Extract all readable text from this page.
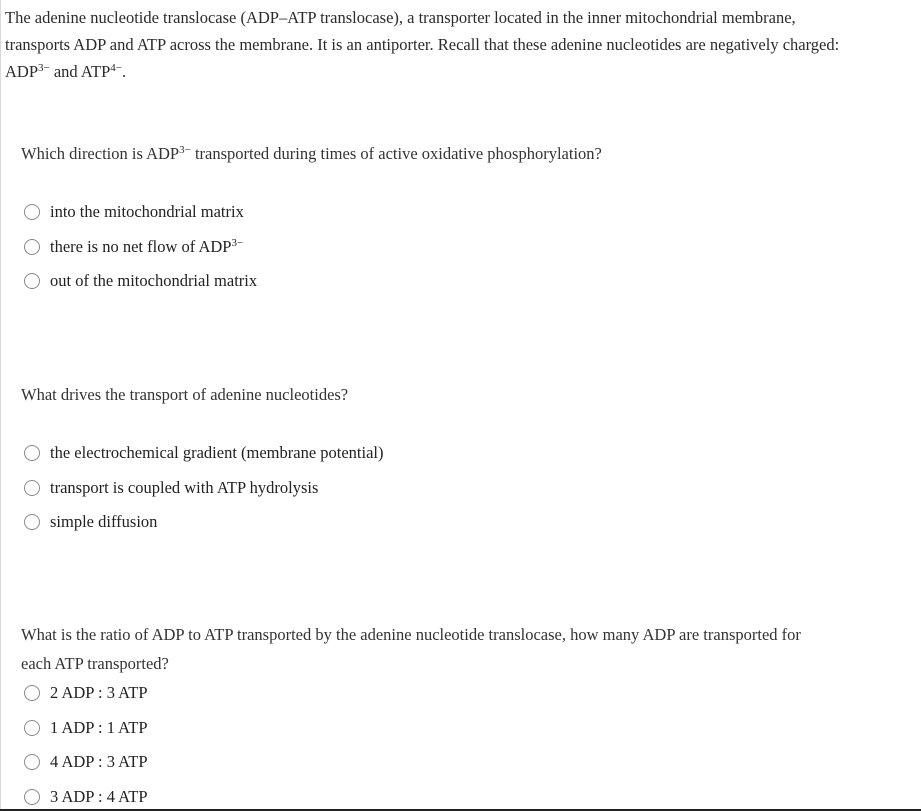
The adenine nucleotide translocase (ADP–ATP translocase), a transporter located in the inner mitochondrial membrane,
transports ADP and ATP across the membrane. It is an antiporter. Recall that these adenine nucleotides are negatively charged:
$ADP^{3-}$ and $ATP^{4-}$.
Which direction is $ADP^{3-}$ transported during times of active oxidative phosphorylation?
into the mitochondrial matrix
there is no net flow of $ADP^{3-}$
out of the mitochondrial matrix
What drives the transport of adenine nucleotides?
the electrochemical gradient (membrane potential)
transport is coupled with ATP hydrolysis
simple diffusion
What is the ratio of ADP to ATP transported by the adenine nucleotide translocase, how many ADP are transported for
each ATP transported?
2 ADP : 3 ATP
1 ADP : 1 ATP
4 ADP : 3 ATP
3 ADP : 4 ATP
